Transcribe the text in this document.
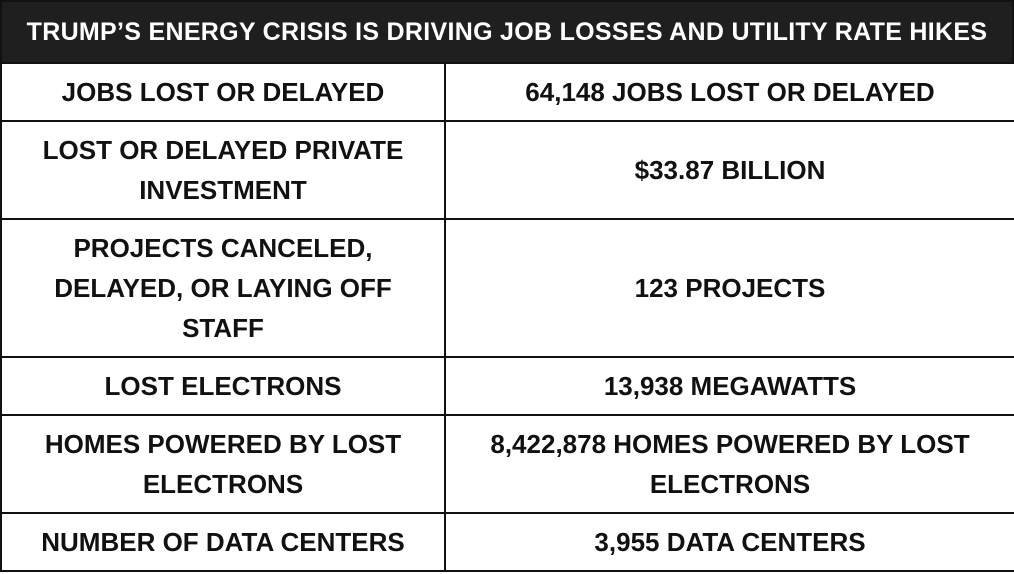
TRUMP’S ENERGY CRISIS IS DRIVING JOB LOSSES AND UTILITY RATE HIKES
JOBS LOST OR DELAYED	64,148 JOBS LOST OR DELAYED
LOST OR DELAYED PRIVATE INVESTMENT	$33.87 BILLION
PROJECTS CANCELED, DELAYED, OR LAYING OFF STAFF	123 PROJECTS
LOST ELECTRONS	13,938 MEGAWATTS
HOMES POWERED BY LOST ELECTRONS	8,422,878 HOMES POWERED BY LOST ELECTRONS
NUMBER OF DATA CENTERS	3,955 DATA CENTERS
